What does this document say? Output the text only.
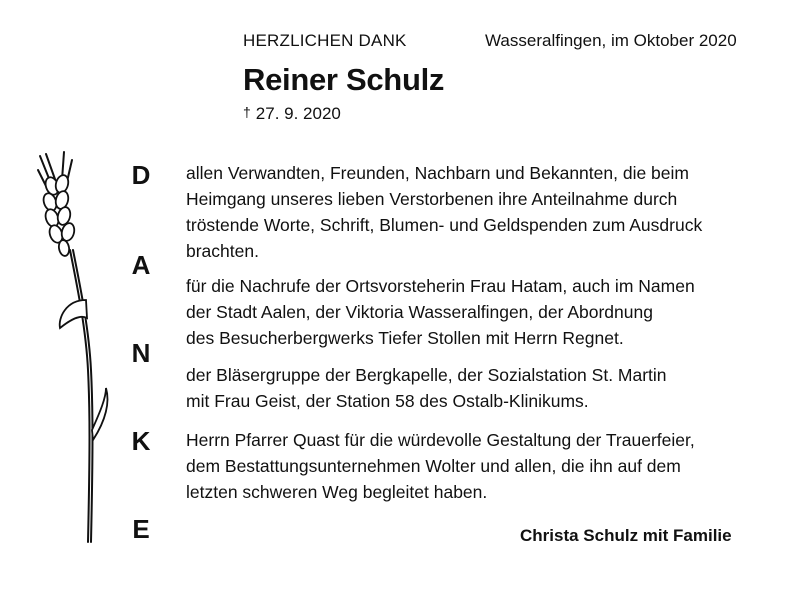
HERZLICHEN DANK	Wasseralfingen, im Oktober 2020
Reiner Schulz
† 27. 9. 2020
D
A
N
K
E
allen Verwandten, Freunden, Nachbarn und Bekannten, die beim
Heimgang unseres lieben Verstorbenen ihre Anteilnahme durch
tröstende Worte, Schrift, Blumen- und Geldspenden zum Ausdruck
brachten.
für die Nachrufe der Ortsvorsteherin Frau Hatam, auch im Namen
der Stadt Aalen, der Viktoria Wasseralfingen, der Abordnung
des Besucherbergwerks Tiefer Stollen mit Herrn Regnet.
der Bläsergruppe der Bergkapelle, der Sozialstation St. Martin
mit Frau Geist, der Station 58 des Ostalb-Klinikums.
Herrn Pfarrer Quast für die würdevolle Gestaltung der Trauerfeier,
dem Bestattungsunternehmen Wolter und allen, die ihn auf dem
letzten schweren Weg begleitet haben.
Christa Schulz mit Familie
